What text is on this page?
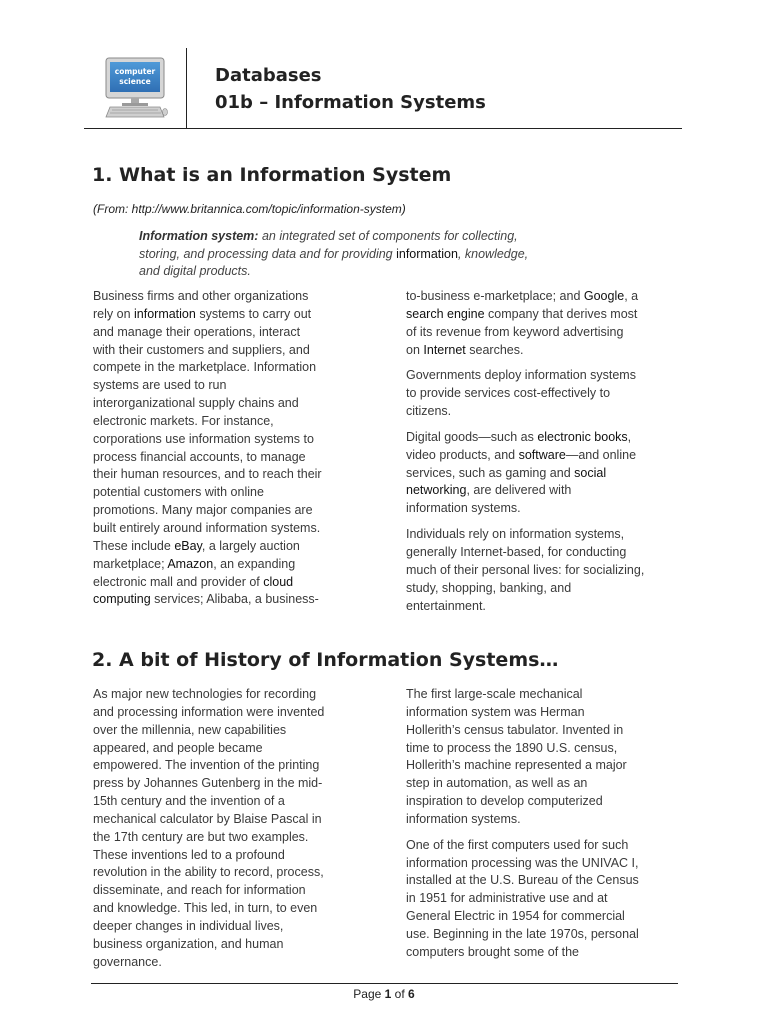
computer
science	Databases
01b – Information Systems
1. What is an Information System

(From: http://www.britannica.com/topic/information-system)

Information system: an integrated set of components for collecting,
storing, and processing data and for providing information, knowledge,
and digital products.

Business firms and other organizations
rely on information systems to carry out
and manage their operations, interact
with their customers and suppliers, and
compete in the marketplace. Information
systems are used to run
interorganizational supply chains and
electronic markets. For instance,
corporations use information systems to
process financial accounts, to manage
their human resources, and to reach their
potential customers with online
promotions. Many major companies are
built entirely around information systems.
These include eBay, a largely auction
marketplace; Amazon, an expanding
electronic mall and provider of cloud
computing services; Alibaba, a business-

to-business e-marketplace; and Google, a
search engine company that derives most
of its revenue from keyword advertising
on Internet searches.

Governments deploy information systems
to provide services cost-effectively to
citizens.

Digital goods—such as electronic books,
video products, and software—and online
services, such as gaming and social
networking, are delivered with
information systems.

Individuals rely on information systems,
generally Internet-based, for conducting
much of their personal lives: for socializing,
study, shopping, banking, and
entertainment.

2. A bit of History of Information Systems…

As major new technologies for recording
and processing information were invented
over the millennia, new capabilities
appeared, and people became
empowered. The invention of the printing
press by Johannes Gutenberg in the mid-
15th century and the invention of a
mechanical calculator by Blaise Pascal in
the 17th century are but two examples.
These inventions led to a profound
revolution in the ability to record, process,
disseminate, and reach for information
and knowledge. This led, in turn, to even
deeper changes in individual lives,
business organization, and human
governance.

The first large-scale mechanical
information system was Herman
Hollerith’s census tabulator. Invented in
time to process the 1890 U.S. census,
Hollerith’s machine represented a major
step in automation, as well as an
inspiration to develop computerized
information systems.

One of the first computers used for such
information processing was the UNIVAC I,
installed at the U.S. Bureau of the Census
in 1951 for administrative use and at
General Electric in 1954 for commercial
use. Beginning in the late 1970s, personal
computers brought some of the

Page 1 of 6
